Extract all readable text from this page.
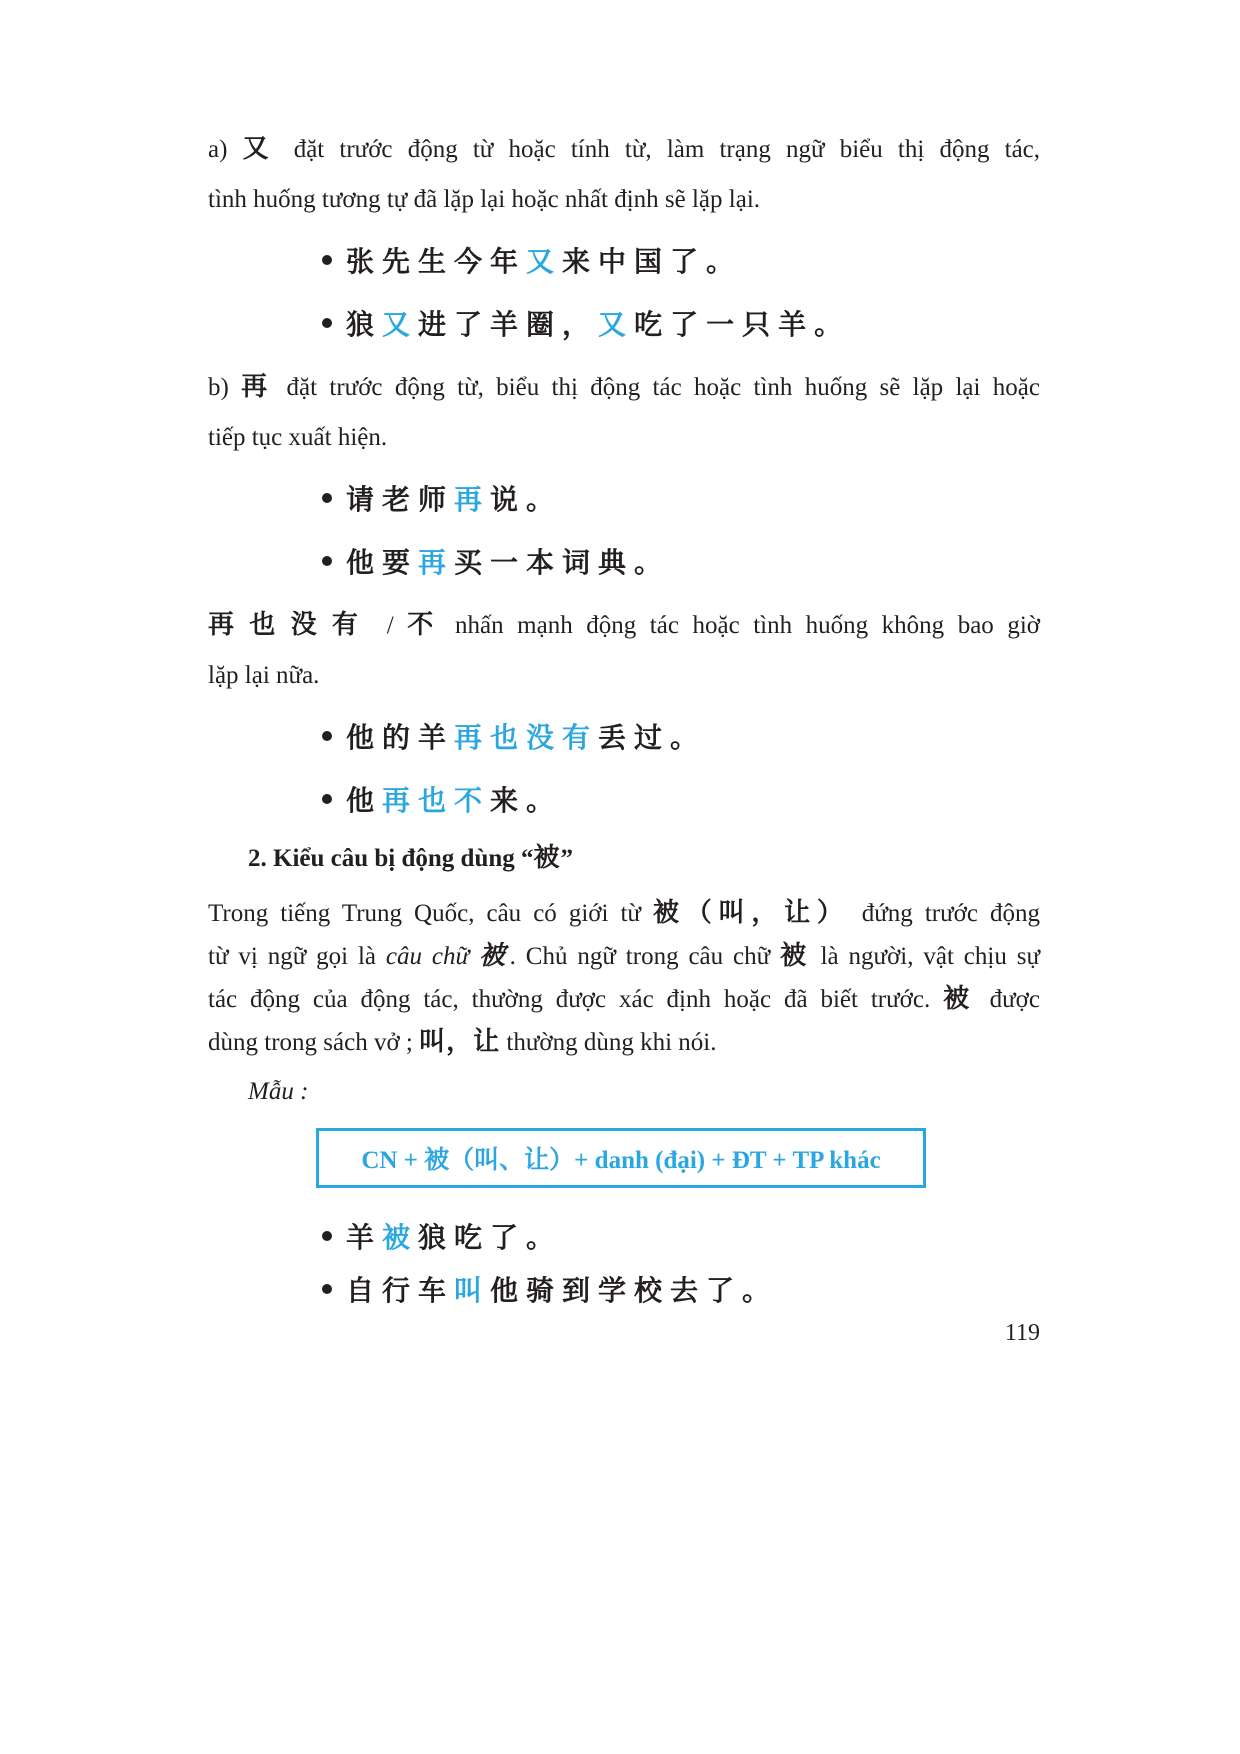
a) 又 đặt trước động từ hoặc tính từ, làm trạng ngữ biểu thị động tác,
tình huống tương tự đã lặp lại hoặc nhất định sẽ lặp lại.
张先生今年又来中国了。
狼又进了羊圈，又吃了一只羊。
b) 再 đặt trước động từ, biểu thị động tác hoặc tình huống sẽ lặp lại hoặc
tiếp tục xuất hiện.
请老师再说。
他要再买一本词典。
再也没有 / 不 nhấn mạnh động tác hoặc tình huống không bao giờ
lặp lại nữa.
他的羊再也没有丢过。
他再也不来。
2. Kiểu câu bị động dùng “被”
Trong tiếng Trung Quốc, câu có giới từ 被（叫，让） đứng trước động
từ vị ngữ gọi là câu chữ 被. Chủ ngữ trong câu chữ 被 là người, vật chịu sự
tác động của động tác, thường được xác định hoặc đã biết trước. 被 được
dùng trong sách vở ; 叫，让 thường dùng khi nói.
Mẫu :
CN + 被（叫、让）+ danh (đại) + ĐT + TP khác
羊被狼吃了。
自行车叫他骑到学校去了。
119
